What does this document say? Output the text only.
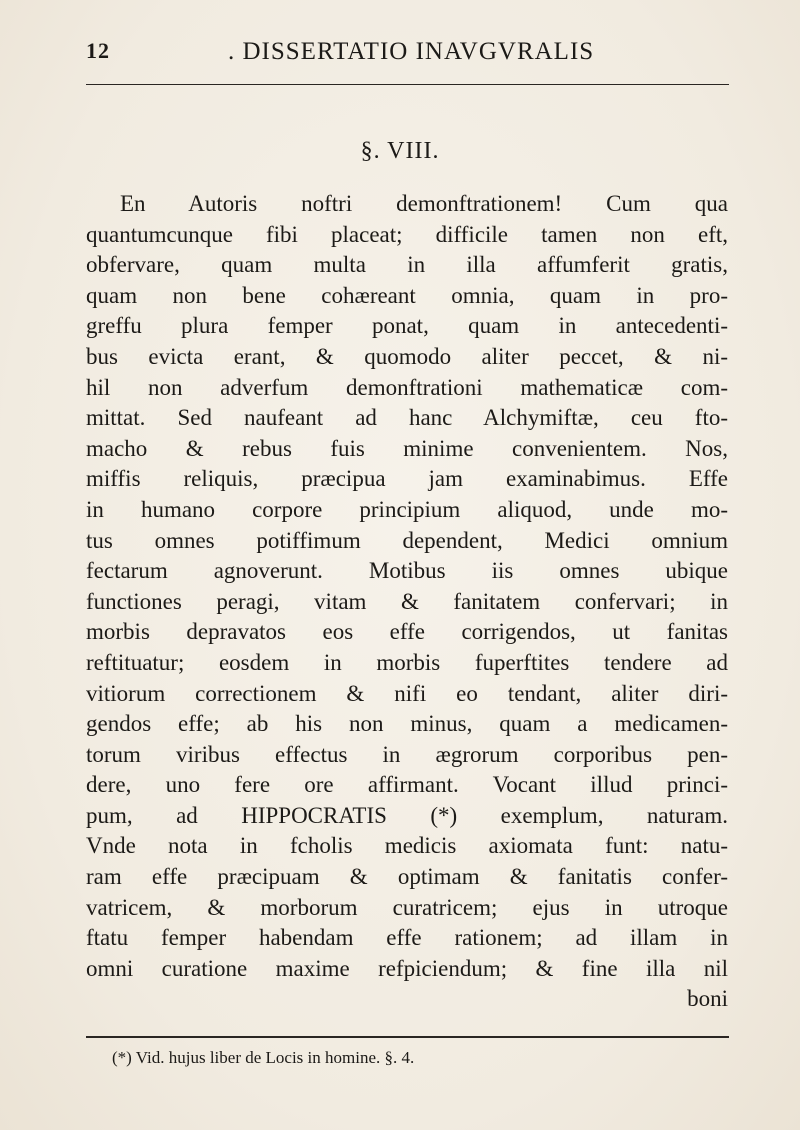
12	. DISSERTATIO INAVGVRALIS
§. VIII.
En Autoris noftri demonftrationem! Cum qua
quantumcunque fibi placeat; difficile tamen non eft,
obfervare, quam multa in illa affumferit gratis,
quam non bene cohæreant omnia, quam in pro-
greffu plura femper ponat, quam in antecedenti-
bus evicta erant, & quomodo aliter peccet, & ni-
hil non adverfum demonftrationi mathematicæ com-
mittat. Sed naufeant ad hanc Alchymiftæ, ceu fto-
macho & rebus fuis minime convenientem. Nos,
miffis reliquis, præcipua jam examinabimus. Effe
in humano corpore principium aliquod, unde mo-
tus omnes potiffimum dependent, Medici omnium
fectarum agnoverunt. Motibus iis omnes ubique
functiones peragi, vitam & fanitatem confervari; in
morbis depravatos eos effe corrigendos, ut fanitas
reftituatur; eosdem in morbis fuperftites tendere ad
vitiorum correctionem & nifi eo tendant, aliter diri-
gendos effe; ab his non minus, quam a medicamen-
torum viribus effectus in ægrorum corporibus pen-
dere, uno fere ore affirmant. Vocant illud princi-
pum, ad HIPPOCRATIS (*) exemplum, naturam.
Vnde nota in fcholis medicis axiomata funt: natu-
ram effe præcipuam & optimam & fanitatis confer-
vatricem, & morborum curatricem; ejus in utroque
ftatu femper habendam effe rationem; ad illam in
omni curatione maxime refpiciendum; & fine illa nil
boni
(*) Vid. hujus liber de Locis in homine. §. 4.
